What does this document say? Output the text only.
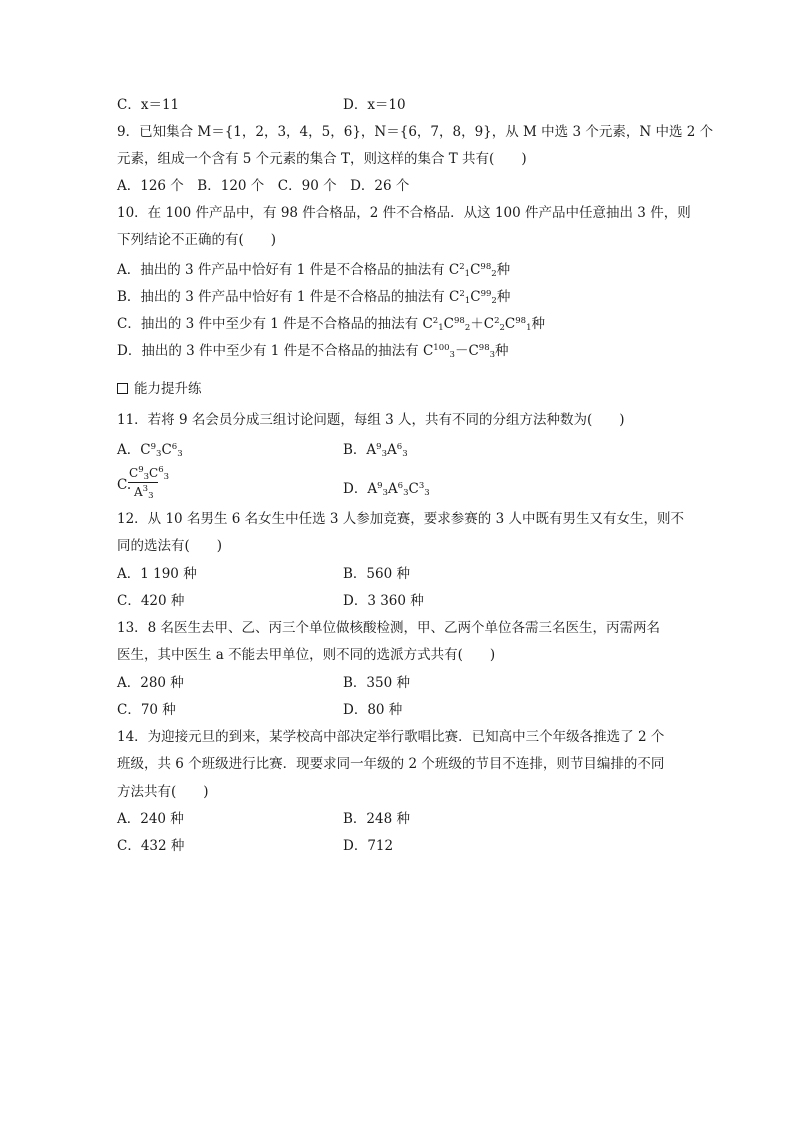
C．x＝11	D．x＝10
9．已知集合 M＝{1，2，3，4，5，6}，N＝{6，7，8，9}，从 M 中选 3 个元素，N 中选 2 个
元素，组成一个含有 5 个元素的集合 T，则这样的集合 T 共有(　　)
A．126 个　B．120 个　C．90 个　D．26 个
10．在 100 件产品中，有 98 件合格品，2 件不合格品．从这 100 件产品中任意抽出 3 件，则
下列结论不正确的有(　　)
A．抽出的 3 件产品中恰好有 1 件是不合格品的抽法有 $C^2_1C^{98}_2$种
B．抽出的 3 件产品中恰好有 1 件是不合格品的抽法有 $C^2_1C^{99}_2$种
C．抽出的 3 件中至少有 1 件是不合格品的抽法有 $C^2_1C^{98}_2+C^2_2C^{98}_1$种
D．抽出的 3 件中至少有 1 件是不合格品的抽法有 $C^{100}_3-C^{98}_3$种
能力提升练
11．若将 9 名会员分成三组讨论问题，每组 3 人，共有不同的分组方法种数为(　　)
A．$C^9_3C^6_3$	B．$A^9_3A^6_3$
C.
$C^9_3C^6_3$
$A^3_3$	D．$A^9_3A^6_3C^3_3$
12．从 10 名男生 6 名女生中任选 3 人参加竞赛，要求参赛的 3 人中既有男生又有女生，则不
同的选法有(　　)
A．1 190 种	B．560 种
C．420 种	D．3 360 种
13．8 名医生去甲、乙、丙三个单位做核酸检测，甲、乙两个单位各需三名医生，丙需两名
医生，其中医生 a 不能去甲单位，则不同的选派方式共有(　　)
A．280 种	B．350 种
C．70 种	D．80 种
14．为迎接元旦的到来，某学校高中部决定举行歌唱比赛．已知高中三个年级各推选了 2 个
班级，共 6 个班级进行比赛．现要求同一年级的 2 个班级的节目不连排，则节目编排的不同
方法共有(　　)
A．240 种	B．248 种
C．432 种	D．712
